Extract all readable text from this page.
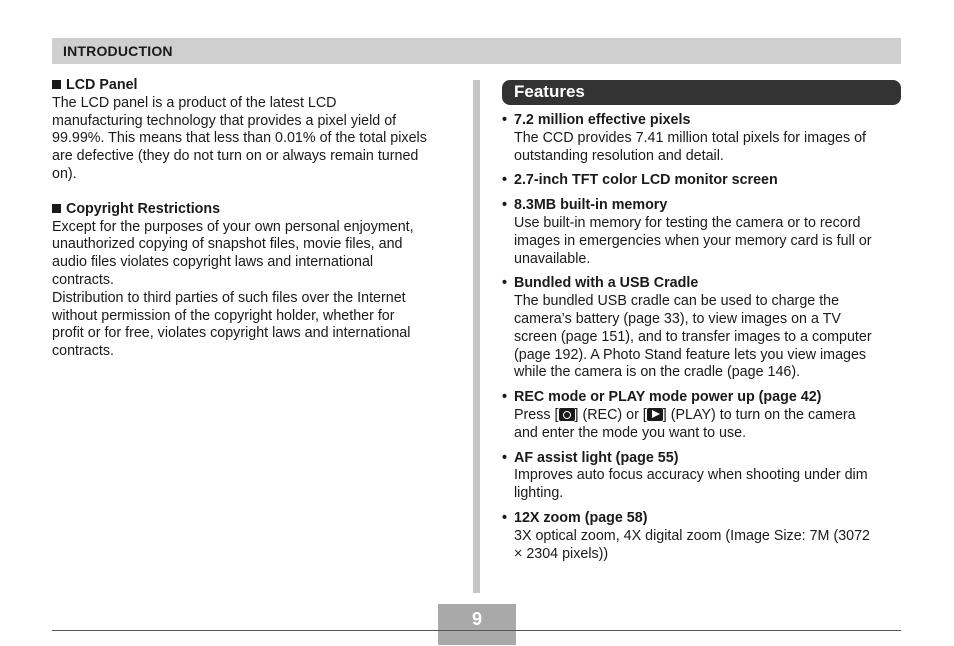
INTRODUCTION
LCD Panel

The LCD panel is a product of the latest LCD
manufacturing technology that provides a pixel yield of
99.99%. This means that less than 0.01% of the total pixels
are defective (they do not turn on or always remain turned
on).

Copyright Restrictions

Except for the purposes of your own personal enjoyment,
unauthorized copying of snapshot files, movie files, and
audio files violates copyright laws and international
contracts.

Distribution to third parties of such files over the Internet
without permission of the copyright holder, whether for
profit or for free, violates copyright laws and international
contracts.

Features
• 7.2 million effective pixels
The CCD provides 7.41 million total pixels for images of
outstanding resolution and detail.
• 2.7-inch TFT color LCD monitor screen
• 8.3MB built-in memory
Use built-in memory for testing the camera or to record
images in emergencies when your memory card is full or
unavailable.
• Bundled with a USB Cradle
The bundled USB cradle can be used to charge the
camera’s battery (page 33), to view images on a TV
screen (page 151), and to transfer images to a computer
(page 192). A Photo Stand feature lets you view images
while the camera is on the cradle (page 146).
• REC mode or PLAY mode power up (page 42)
Press [ ] (REC) or [ ] (PLAY) to turn on the camera
and enter the mode you want to use.
• AF assist light (page 55)
Improves auto focus accuracy when shooting under dim
lighting.
• 12X zoom (page 58)
3X optical zoom, 4X digital zoom (Image Size: 7M (3072
× 2304 pixels))
9
